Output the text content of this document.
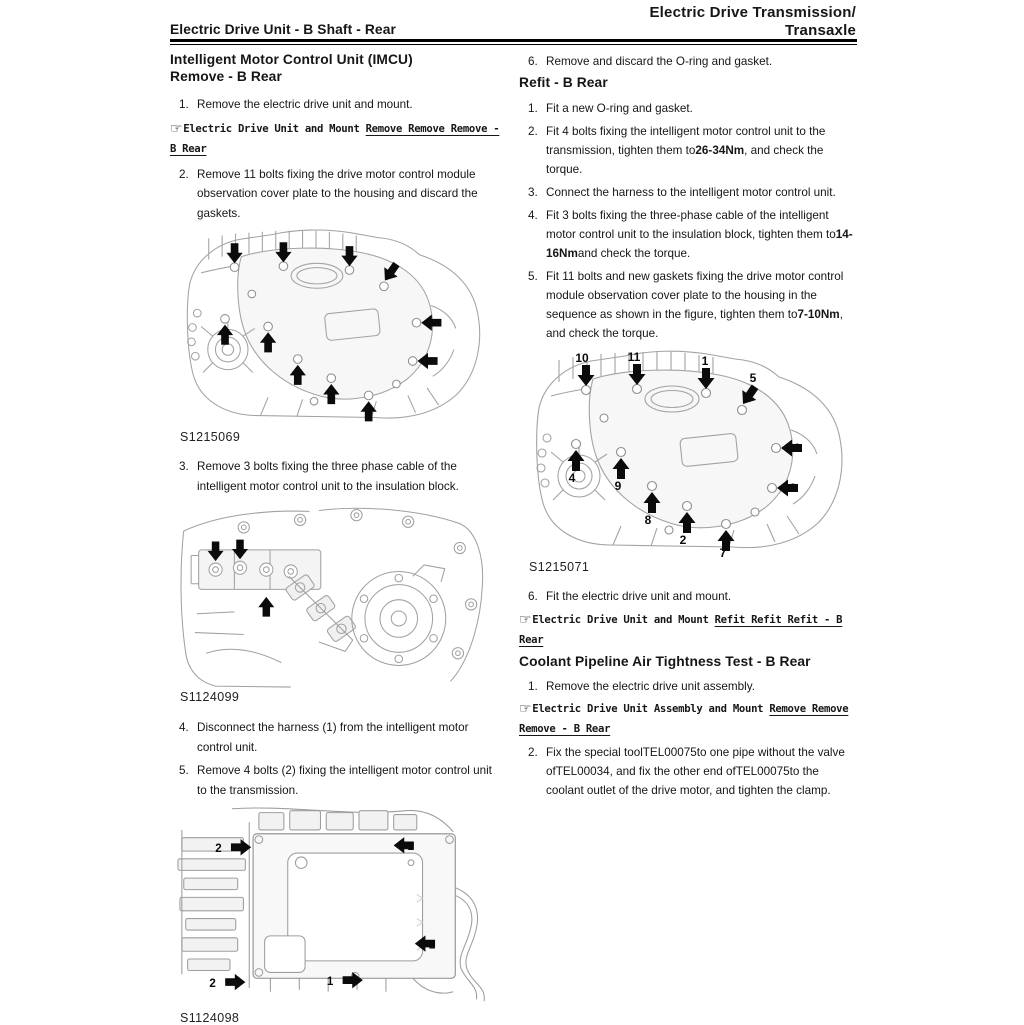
Electric Drive Transmission/
Transaxle
Electric Drive Unit - B Shaft - Rear
Intelligent Motor Control Unit (IMCU)
Remove - B Rear
1. Remove the electric drive unit and mount.
☞Electric Drive Unit and Mount Remove Remove Remove - B Rear
2. Remove 11 bolts fixing the drive motor control module observation cover plate to the housing and discard the gaskets.
S1215069
3. Remove 3 bolts fixing the three phase cable of the intelligent motor control unit to the insulation block.
S1124099
4. Disconnect the harness (1) from the intelligent motor control unit.
5. Remove 4 bolts (2) fixing the intelligent motor control unit to the transmission.
2	2
2
2	1
S1124098
6. Remove and discard the O-ring and gasket.
Refit - B Rear
1. Fit a new O-ring and gasket.
2. Fit 4 bolts fixing the intelligent motor control unit to the transmission, tighten them to26-34Nm, and check the torque.
3. Connect the harness to the intelligent motor control unit.
4. Fit 3 bolts fixing the three-phase cable of the intelligent motor control unit to the insulation block, tighten them to14-16Nmand check the torque.
5. Fit 11 bolts and new gaskets fixing the drive motor control module observation cover plate to the housing in the sequence as shown in the figure, tighten them to7-10Nm, and check the torque.
10	11	1
5
4
9
6
8
2
3
7
S1215071
6. Fit the electric drive unit and mount.
☞Electric Drive Unit and Mount Refit Refit Refit - B Rear
Coolant Pipeline Air Tightness Test - B Rear
1. Remove the electric drive unit assembly.
☞Electric Drive Unit Assembly and Mount Remove Remove Remove - B Rear
2. Fix the special toolTEL00075to one pipe without the valve ofTEL00034, and fix the other end ofTEL00075to the coolant outlet of the drive motor, and tighten the clamp.
